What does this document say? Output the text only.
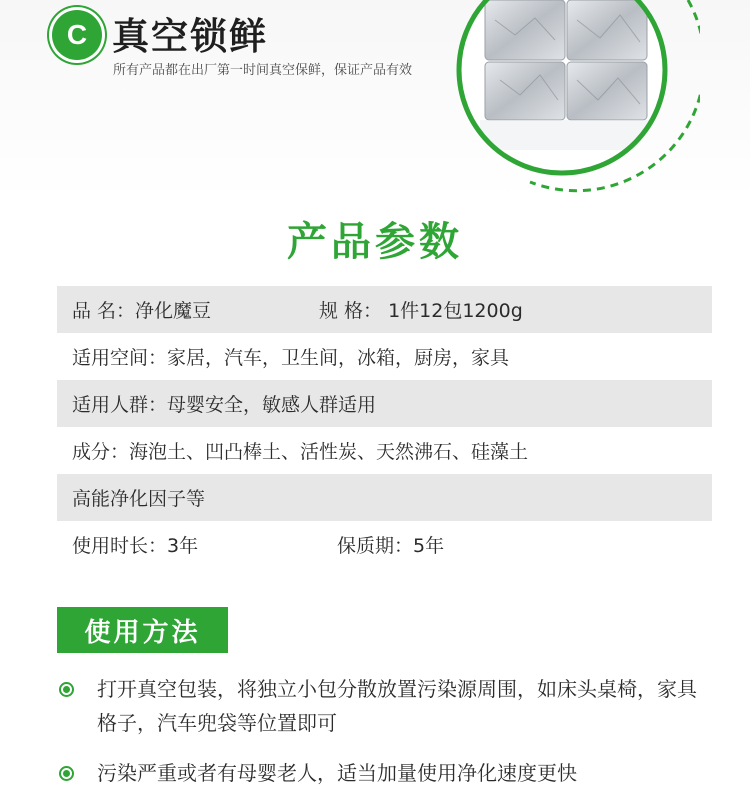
C 真空锁鲜
所有产品都在出厂第一时间真空保鲜，保证产品有效
产品参数
品 名：净化魔豆	规 格： 1件12包1200g
适用空间：家居，汽车，卫生间，冰箱，厨房，家具
适用人群：母婴安全，敏感人群适用
成分：海泡土、凹凸棒土、活性炭、天然沸石、硅藻土
高能净化因子等
使用时长：3年	保质期：5年
使用方法
打开真空包装，将独立小包分散放置污染源周围，如床头桌椅，家具格子，汽车兜袋等位置即可
污染严重或者有母婴老人，适当加量使用净化速度更快
